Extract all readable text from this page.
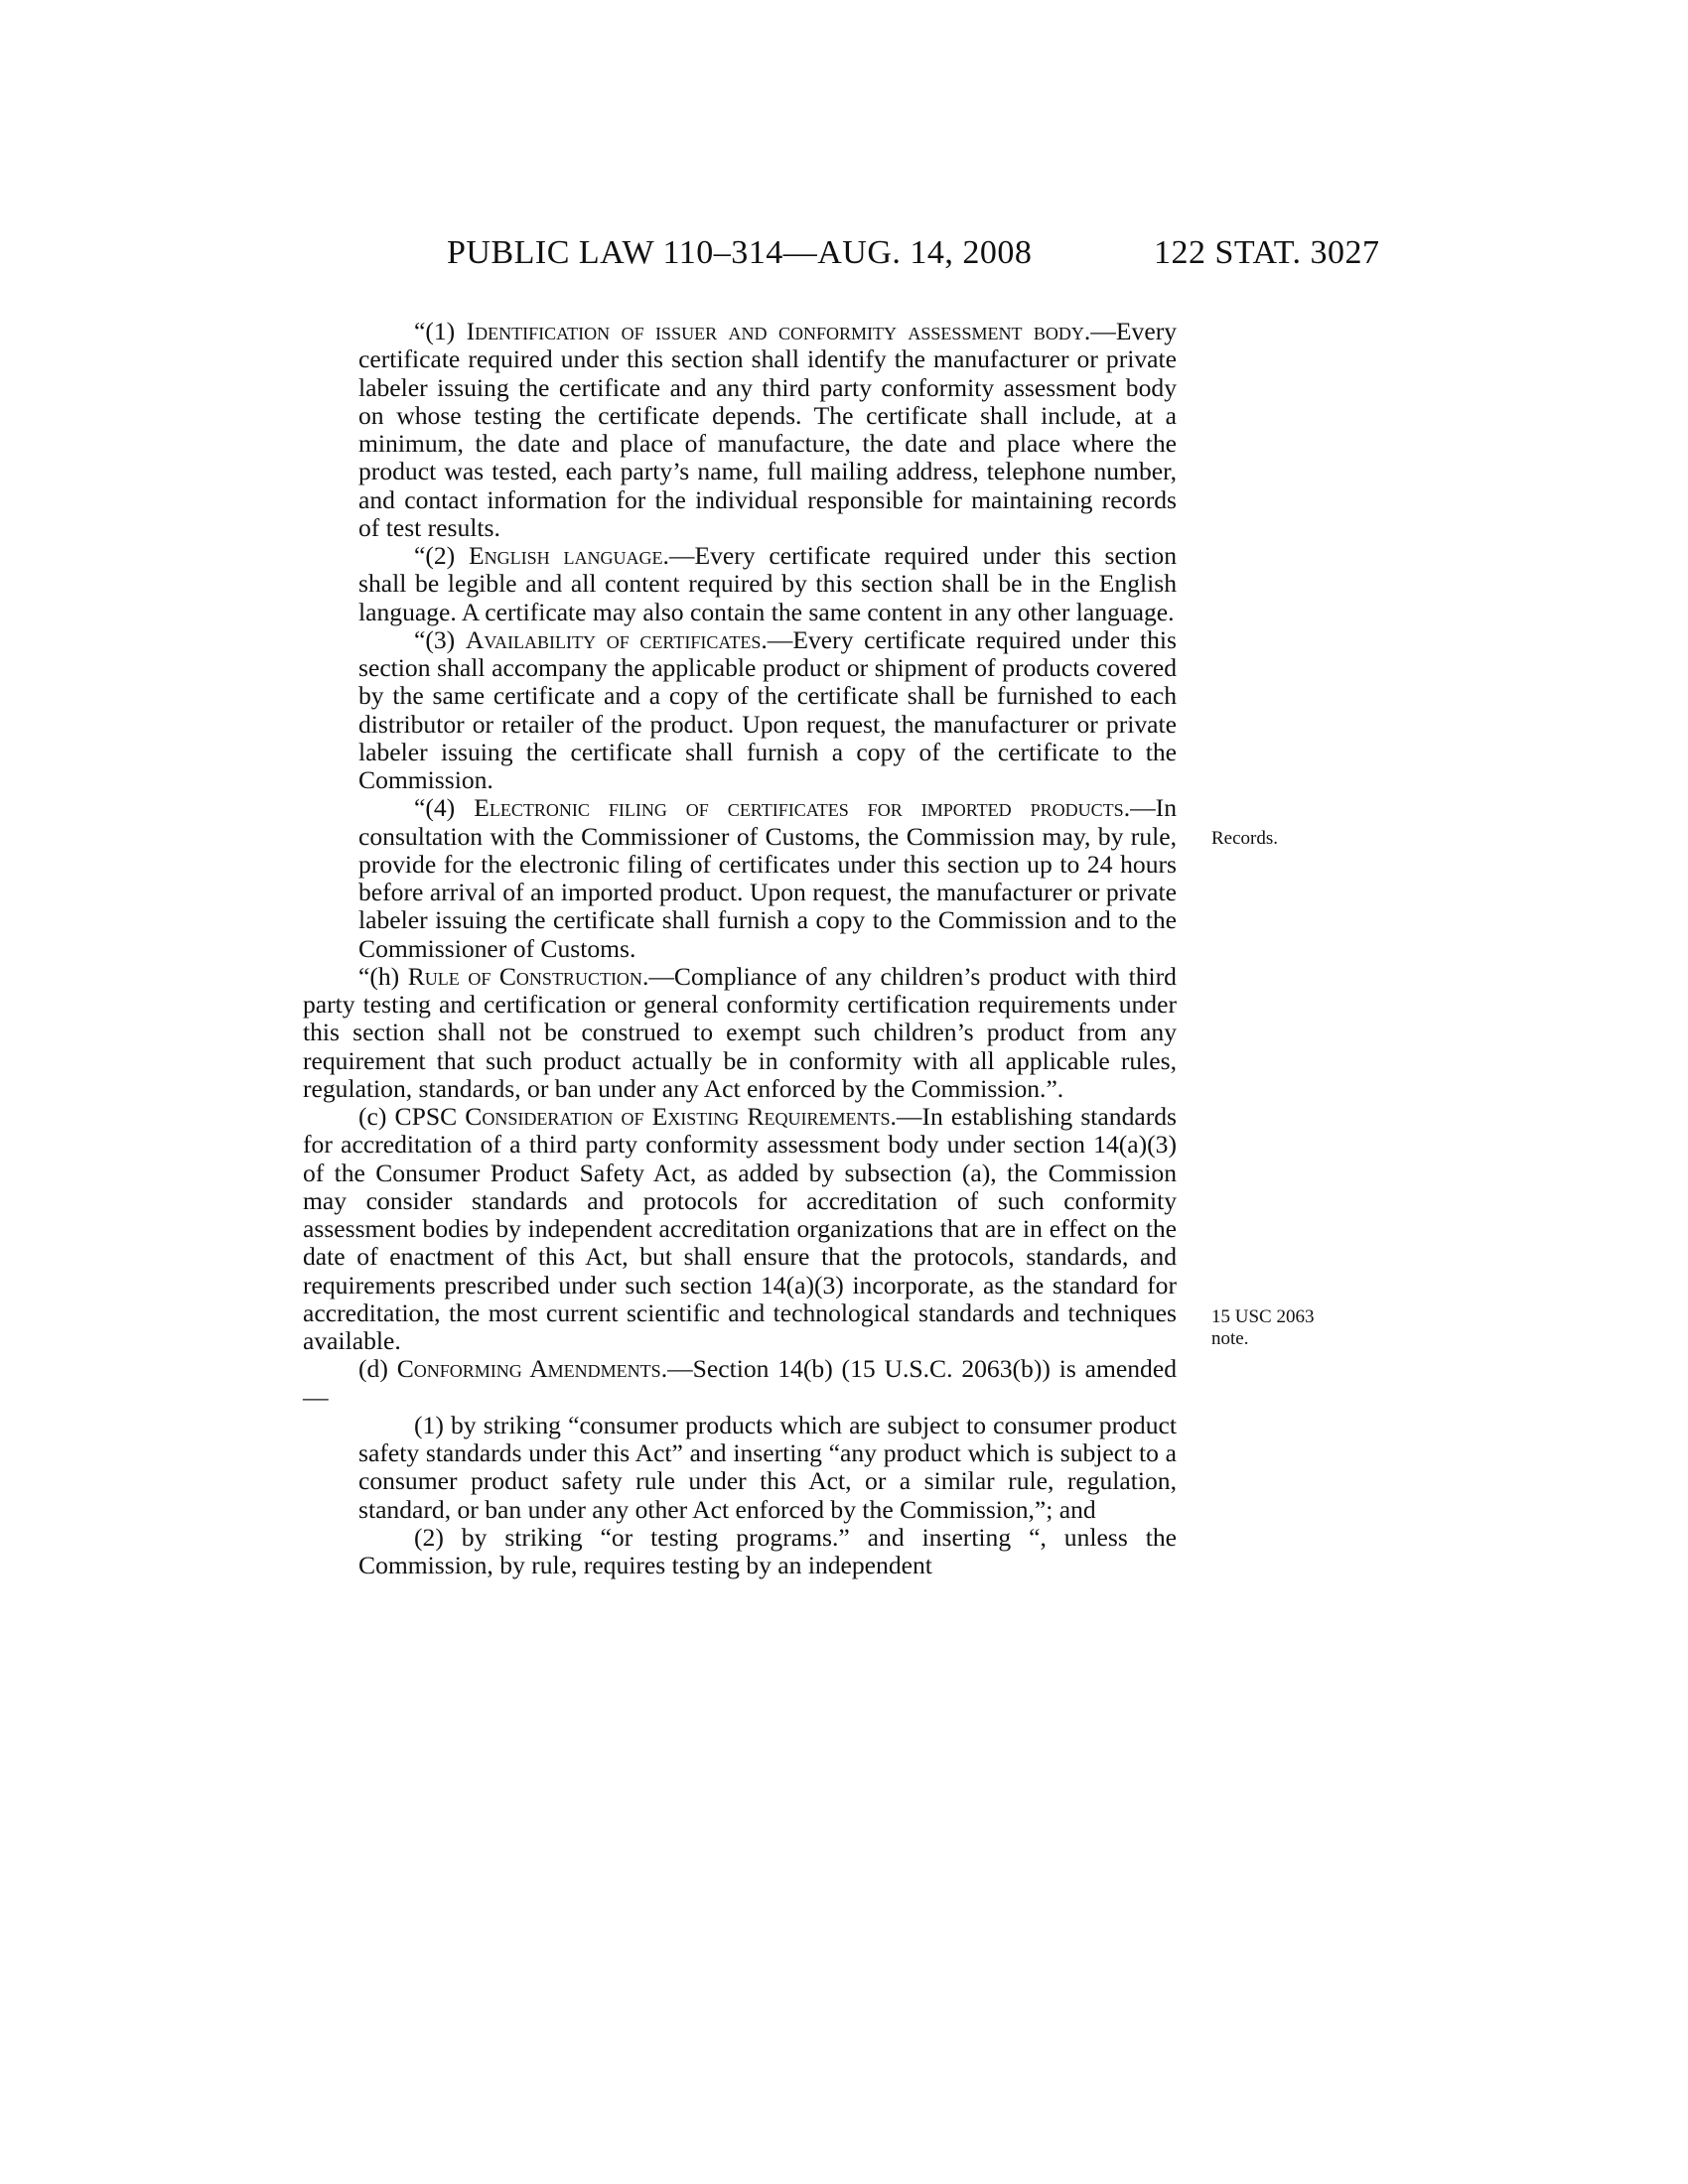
PUBLIC LAW 110–314—AUG. 14, 2008	122 STAT. 3027

“(1) Identification of issuer and conformity assessment body.—Every certificate required under this section shall identify the manufacturer or private labeler issuing the certificate and any third party conformity assessment body on whose testing the certificate depends. The certificate shall include, at a minimum, the date and place of manufacture, the date and place where the product was tested, each party’s name, full mailing address, telephone number, and contact information for the individual responsible for maintaining records of test results.

“(2) English language.—Every certificate required under this section shall be legible and all content required by this section shall be in the English language. A certificate may also contain the same content in any other language.

“(3) Availability of certificates.—Every certificate required under this section shall accompany the applicable product or shipment of products covered by the same certificate and a copy of the certificate shall be furnished to each distributor or retailer of the product. Upon request, the manufacturer or private labeler issuing the certificate shall furnish a copy of the certificate to the Commission.

“(4) Electronic filing of certificates for imported products.—In consultation with the Commissioner of Customs, the Commission may, by rule, provide for the electronic filing of certificates under this section up to 24 hours before arrival of an imported product. Upon request, the manufacturer or private labeler issuing the certificate shall furnish a copy to the Commission and to the Commissioner of Customs.

“(h) Rule of Construction.—Compliance of any children’s product with third party testing and certification or general conformity certification requirements under this section shall not be construed to exempt such children’s product from any requirement that such product actually be in conformity with all applicable rules, regulation, standards, or ban under any Act enforced by the Commission.”.

(c) CPSC Consideration of Existing Requirements.—In establishing standards for accreditation of a third party conformity assessment body under section 14(a)(3) of the Consumer Product Safety Act, as added by subsection (a), the Commission may consider standards and protocols for accreditation of such conformity assessment bodies by independent accreditation organizations that are in effect on the date of enactment of this Act, but shall ensure that the protocols, standards, and requirements prescribed under such section 14(a)(3) incorporate, as the standard for accreditation, the most current scientific and technological standards and techniques available.

(d) Conforming Amendments.—Section 14(b) (15 U.S.C. 2063(b)) is amended—

(1) by striking “consumer products which are subject to consumer product safety standards under this Act” and inserting “any product which is subject to a consumer product safety rule under this Act, or a similar rule, regulation, standard, or ban under any other Act enforced by the Commission,”; and

(2) by striking “or testing programs.” and inserting “, unless the Commission, by rule, requires testing by an independent

Records.
15 USC 2063
note.
